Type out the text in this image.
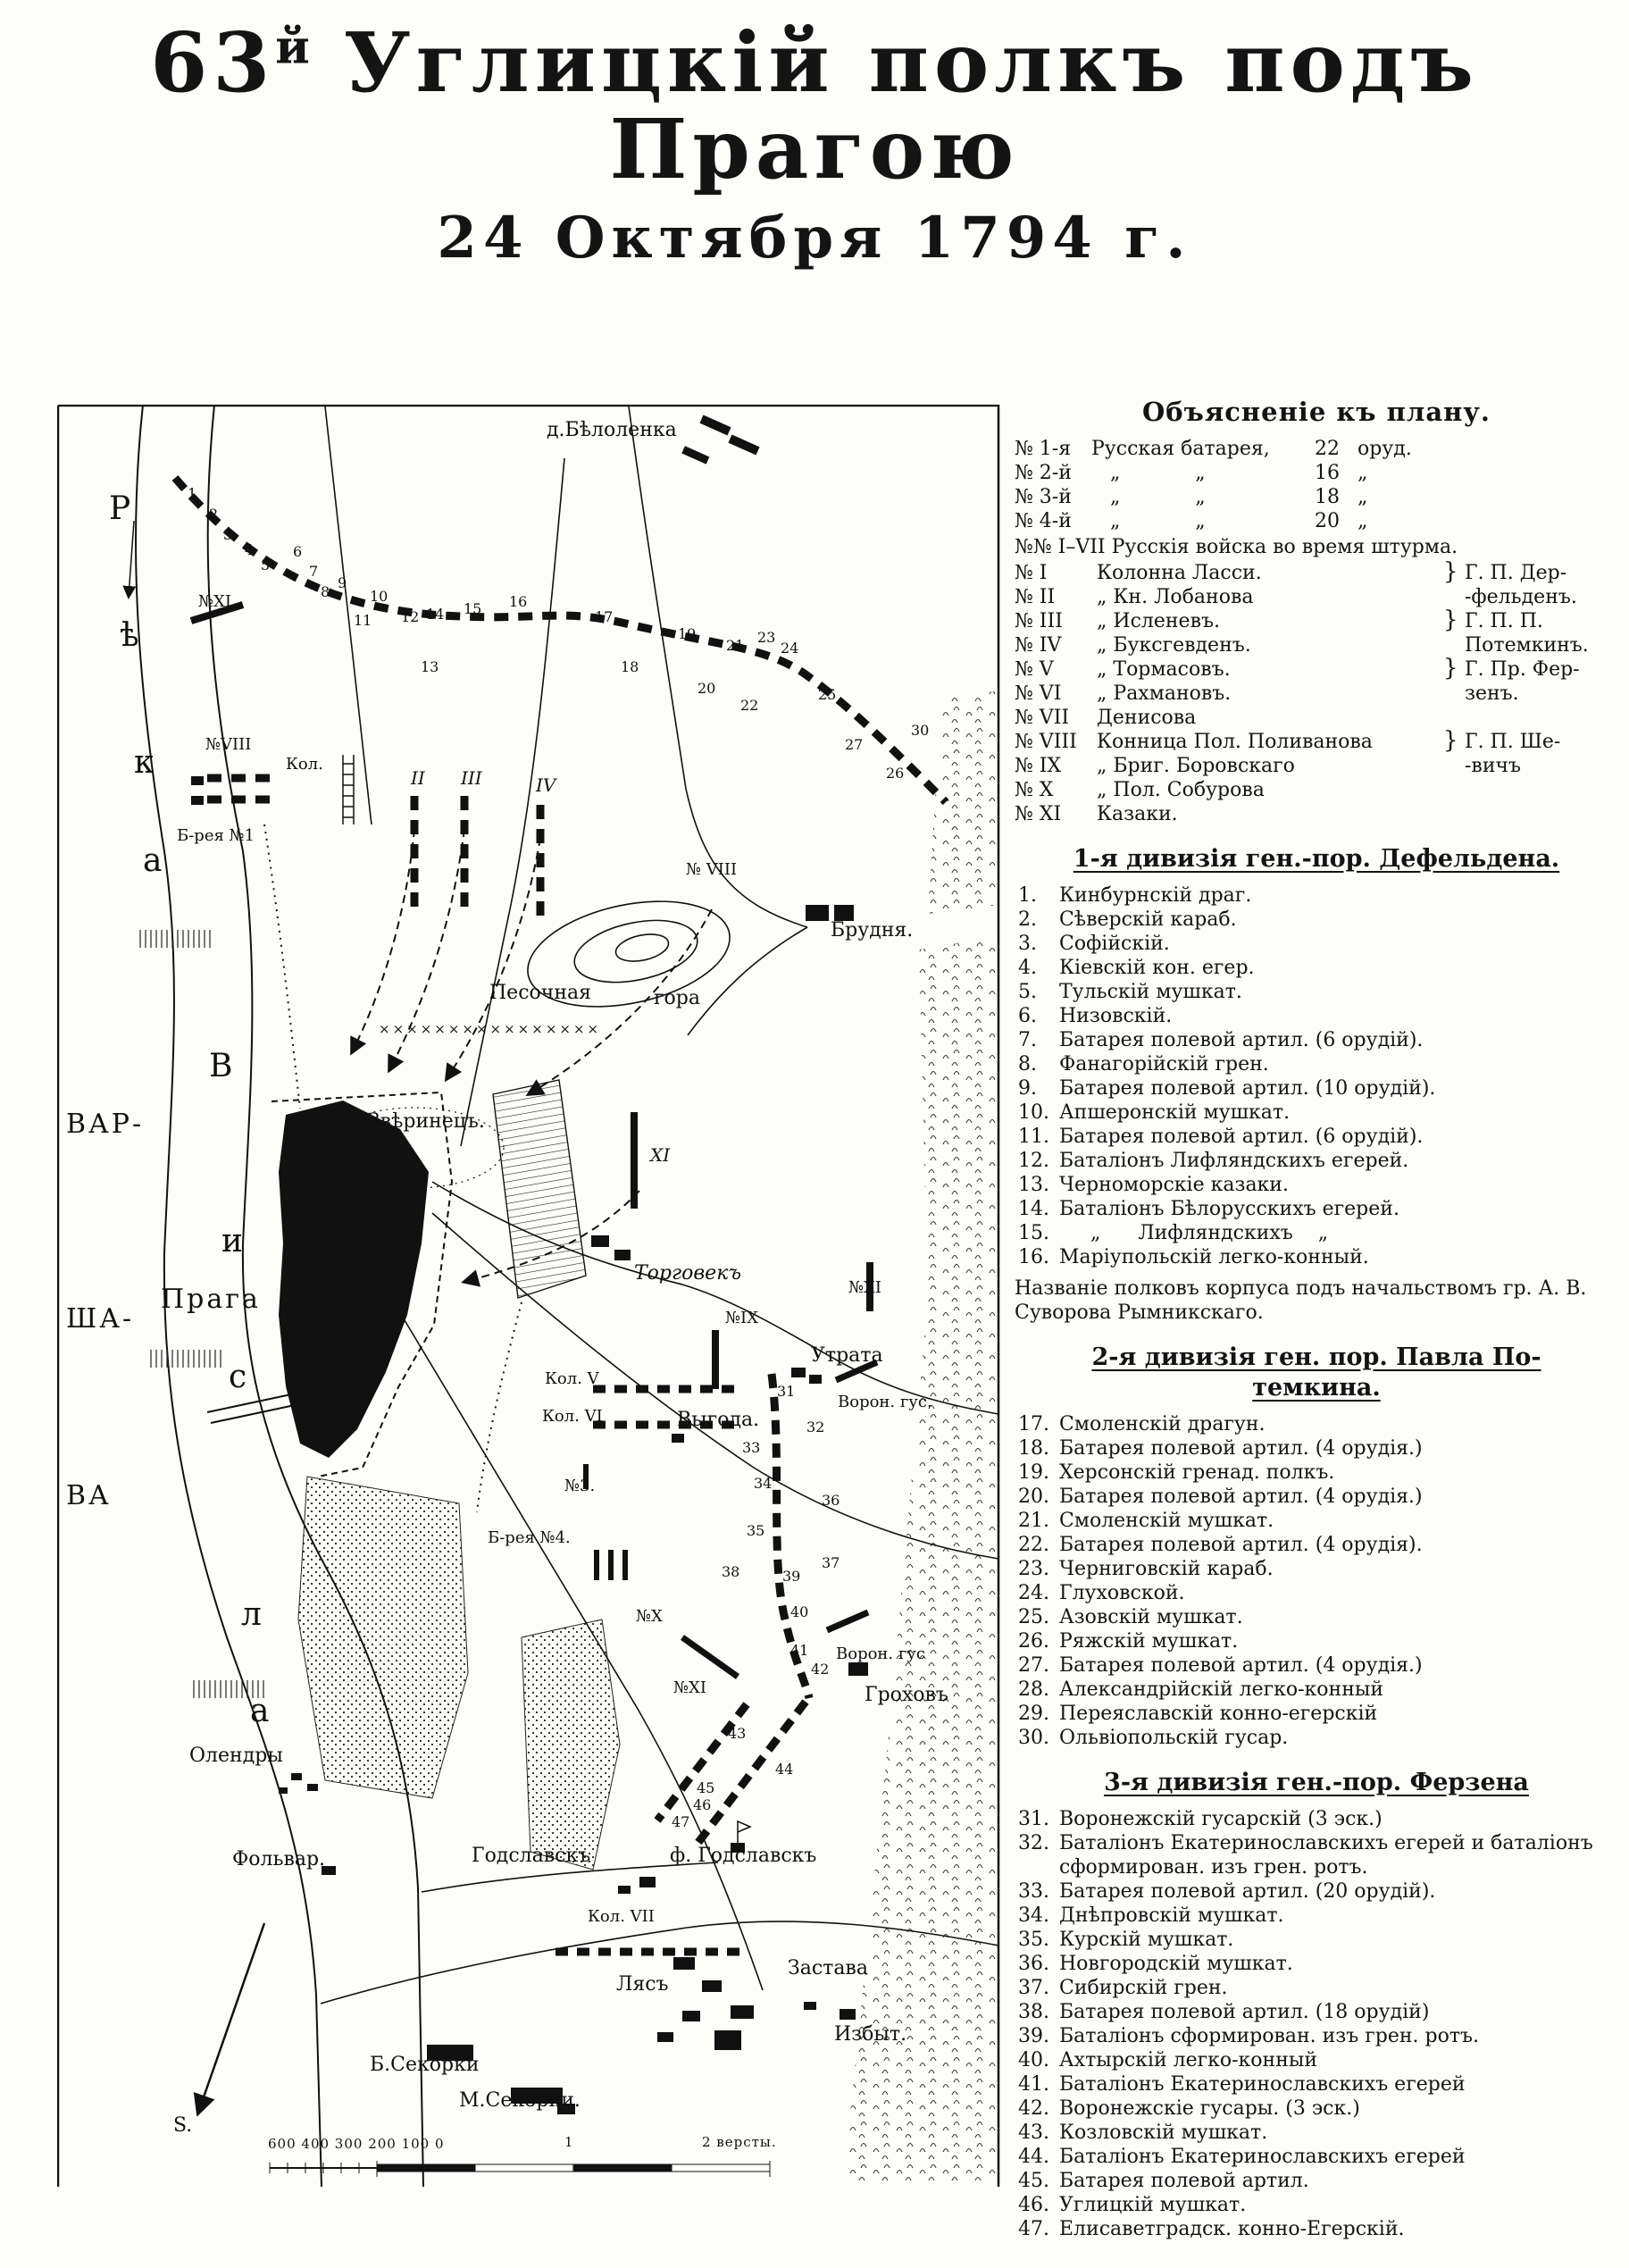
$63^й$ Углицкій полкъ подъ Прагою
24 Октября 1794 г.
××××××××××××××××
д.Бѣлоленка
Брудня.
Песочная	гора
Звѣринецъ.
Торговекъ
Утрата
Выгода.
Ворон. гус.
Ворон. гус
Гроховъ
Олендры
Фольвар.	Годславскъ	ф. Годславскъ
Лясъ
Застава
Избыт.
Б.Секорки
М.Секорки.
Прага
ВАР-
ША-
ВА
Р
ѣ
к
а
В
и
с
л
а
№XI
№VIII
Кол.
Б-рея №1
II III	IV
№ VIII
XI
№IX
№XI
Кол. V
Кол. VI
№3.
Б-рея №4.
№X
№XI
Кол. VII
S.
600 400 300 200 100 0	1	2 версты.
1
2
3
4
5
6
7
8
9
10
11 12
13
14 15 16
17
18
19
20
21
22
23
24
25
26
27
30
31
32
33
34
35
36
37
38	39
40
41
42
43
44
45
46
47
Объясненіе къ плану.
№ 1-я	Русская батарея,	22 оруд.
№ 2-й	„            „	16 „
№ 3-й	„            „	18 „
№ 4-й	„            „	20 „
№№ I–VII Русскія войска во время штурма.
№ I	Колонна Ласси.	} Г. П. Дер-
№ II	„ Кн. Лобанова	-фельденъ.
№ III	„ Исленевъ.	} Г. П. П.
№ IV	„ Буксгевденъ.	Потемкинъ.
№ V	„ Тормасовъ.	} Г. Пр. Фер-
№ VI	„ Рахмановъ.	зенъ.
№ VII	Денисова
№ VIII	Конница Пол. Поливанова	} Г. П. Ше-
№ IX	„ Бриг. Боровскаго	-вичъ
№ X	„ Пол. Собурова
№ XI	Казаки.
1-я дивизія ген.-пор. Дефельдена.
1.	Кинбурнскій драг.
2.	Сѣверскій караб.
3.	Софійскій.
4.	Кіевскій кон. егер.
5.	Тульскій мушкат.
6.	Низовскій.
7.	Батарея полевой артил. (6 орудій).
8.	Фанагорійскій грен.
9.	Батарея полевой артил. (10 орудій).
10. Апшеронскій мушкат.
11. Батарея полевой артил. (6 орудій).
12. Баталіонъ Лифляндскихъ егерей.
13. Черноморскіе казаки.
14. Баталіонъ Бѣлорусскихъ егерей.
15. „      Лифляндскихъ    „
16. Маріупольскій легко-конный.

Названіе полковъ корпуса подъ начальствомъ гр. А. В. Суворова Рымникскаго.

2-я дивизія ген. пор. Павла По-
темкина.
17. Смоленскій драгун.
18. Батарея полевой артил. (4 орудія.)
19. Херсонскій гренад. полкъ.
20. Батарея полевой артил. (4 орудія.)
21. Смоленскій мушкат.
22. Батарея полевой артил. (4 орудія).
23. Черниговскій караб.
24. Глуховской.
25. Азовскій мушкат.
26. Ряжскій мушкат.
27. Батарея полевой артил. (4 орудія.)
28. Александрійскій легко-конный
29. Переяславскій конно-егерскій
30. Ольвіопольскій гусар.
3-я дивизія ген.-пор. Ферзена
31. Воронежскій гусарскій (3 эск.)
32. Баталіонъ Екатеринославскихъ егерей и баталіонъ сформирован. изъ грен. ротъ.
33. Батарея полевой артил. (20 орудій).
34. Днѣпровскій мушкат.
35. Курскій мушкат.
36. Новгородскій мушкат.
37. Сибирскій грен.
38. Батарея полевой артил. (18 орудій)
39. Баталіонъ сформирован. изъ грен. ротъ.
40. Ахтырскій легко-конный
41. Баталіонъ Екатеринославскихъ егерей
42. Воронежскіе гусары. (3 эск.)
43. Козловскій мушкат.
44. Баталіонъ Екатеринославскихъ егерей
45. Батарея полевой артил.
46. Углицкій мушкат.
47. Елисаветградск. конно-Егерскій.
